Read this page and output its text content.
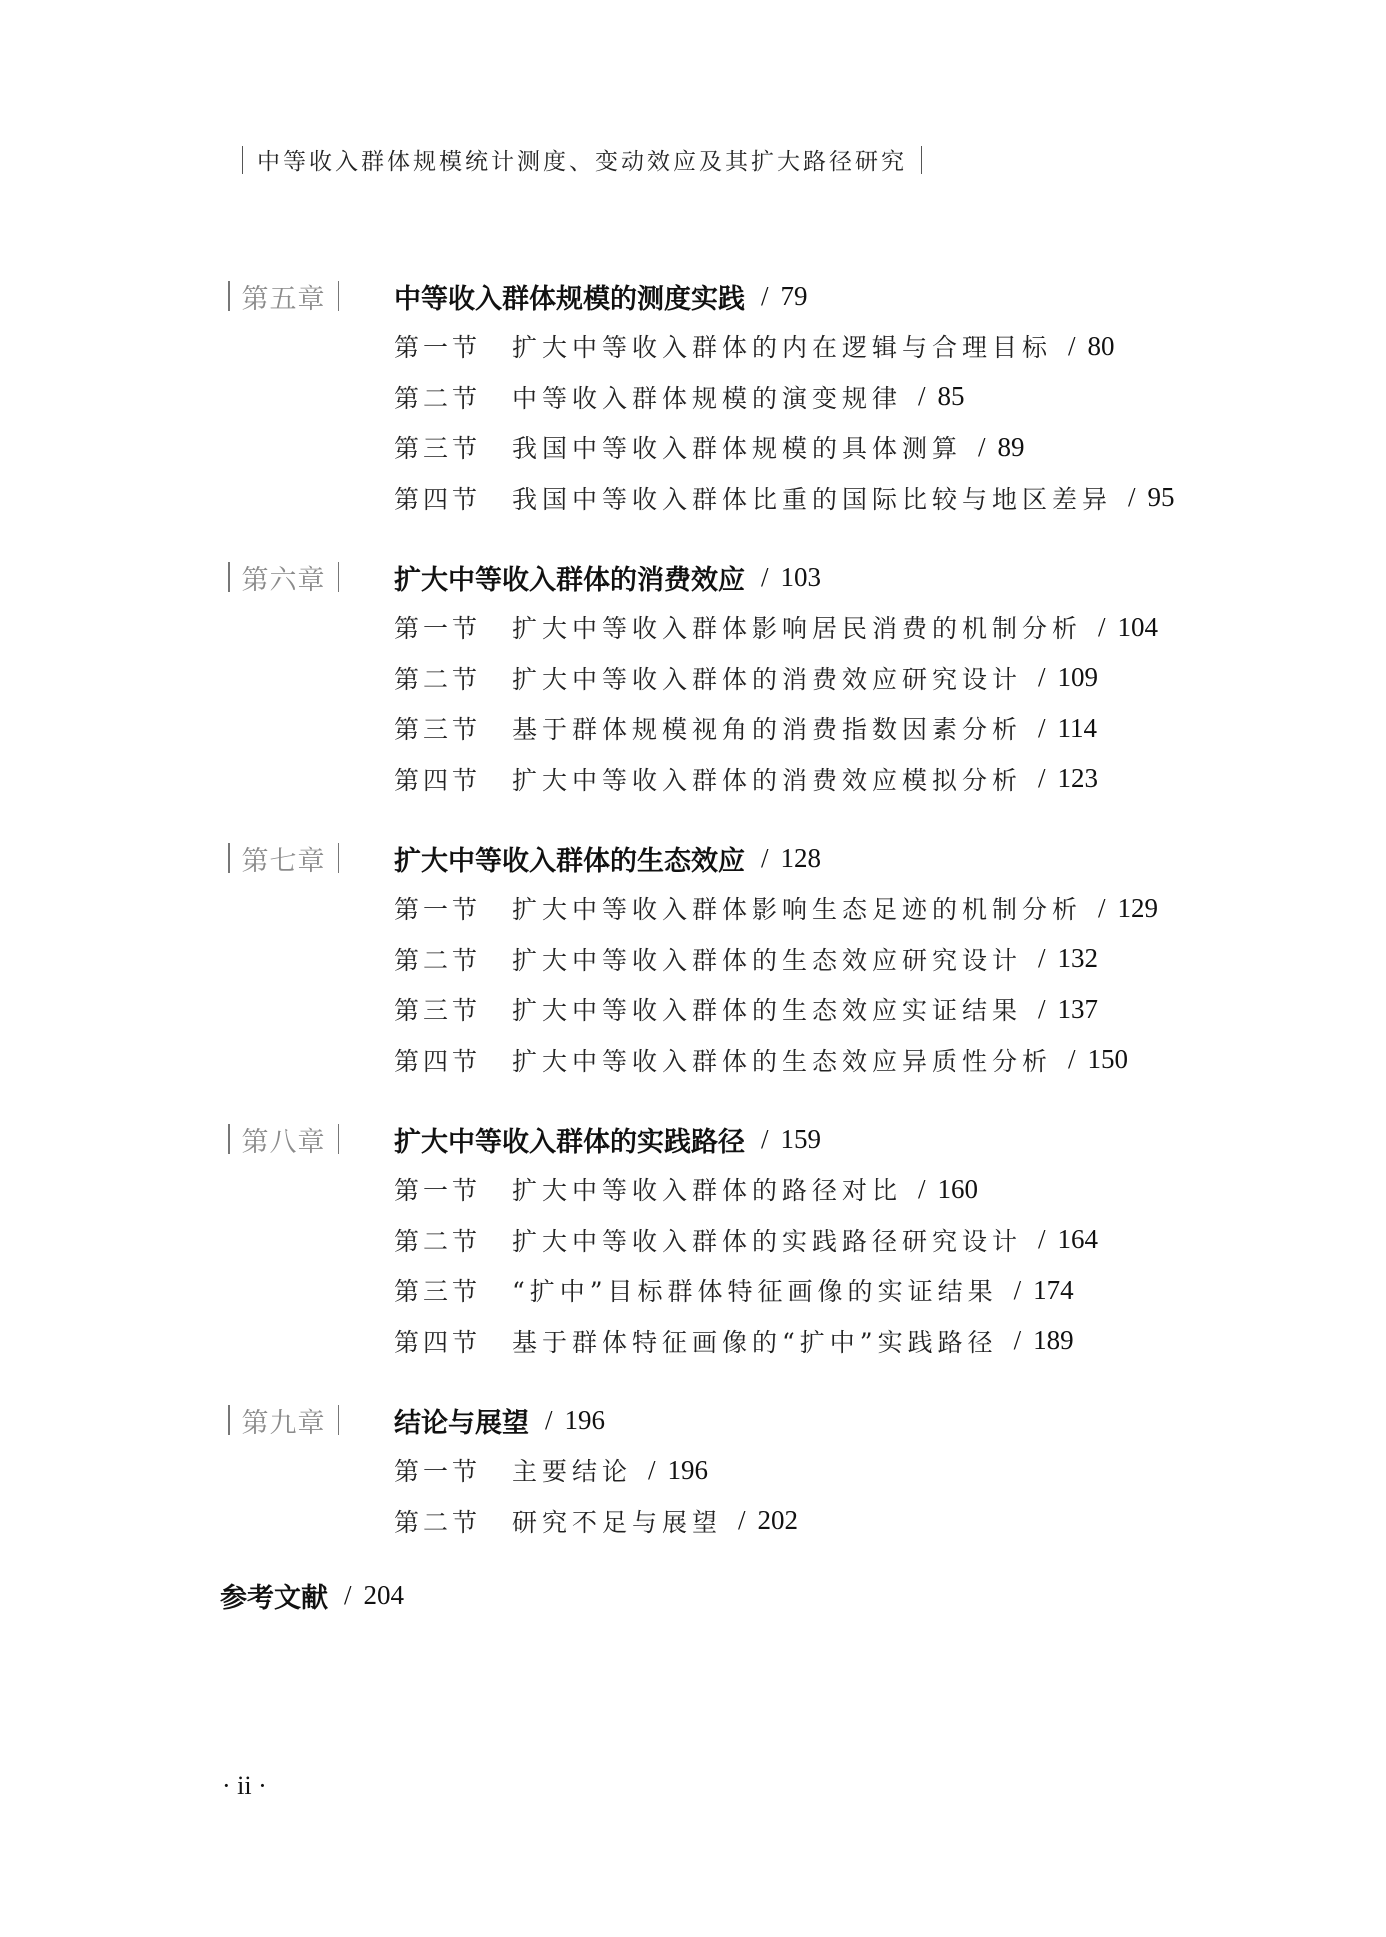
中等收入群体规模统计测度、变动效应及其扩大路径研究
第五章	中等收入群体规模的测度实践 / 79
第一节	扩大中等收入群体的内在逻辑与合理目标 / 80
第二节	中等收入群体规模的演变规律 / 85
第三节	我国中等收入群体规模的具体测算 / 89
第四节	我国中等收入群体比重的国际比较与地区差异 / 95
第六章	扩大中等收入群体的消费效应 / 103
第一节	扩大中等收入群体影响居民消费的机制分析 / 104
第二节	扩大中等收入群体的消费效应研究设计 / 109
第三节	基于群体规模视角的消费指数因素分析 / 114
第四节	扩大中等收入群体的消费效应模拟分析 / 123
第七章	扩大中等收入群体的生态效应 / 128
第一节	扩大中等收入群体影响生态足迹的机制分析 / 129
第二节	扩大中等收入群体的生态效应研究设计 / 132
第三节	扩大中等收入群体的生态效应实证结果 / 137
第四节	扩大中等收入群体的生态效应异质性分析 / 150
第八章	扩大中等收入群体的实践路径 / 159
第一节	扩大中等收入群体的路径对比 / 160
第二节	扩大中等收入群体的实践路径研究设计 / 164
第三节	“扩中”目标群体特征画像的实证结果 / 174
第四节	基于群体特征画像的“扩中”实践路径 / 189
第九章	结论与展望 / 196
第一节	主要结论 / 196
第二节	研究不足与展望 / 202
参考文献 / 204
· ii ·
